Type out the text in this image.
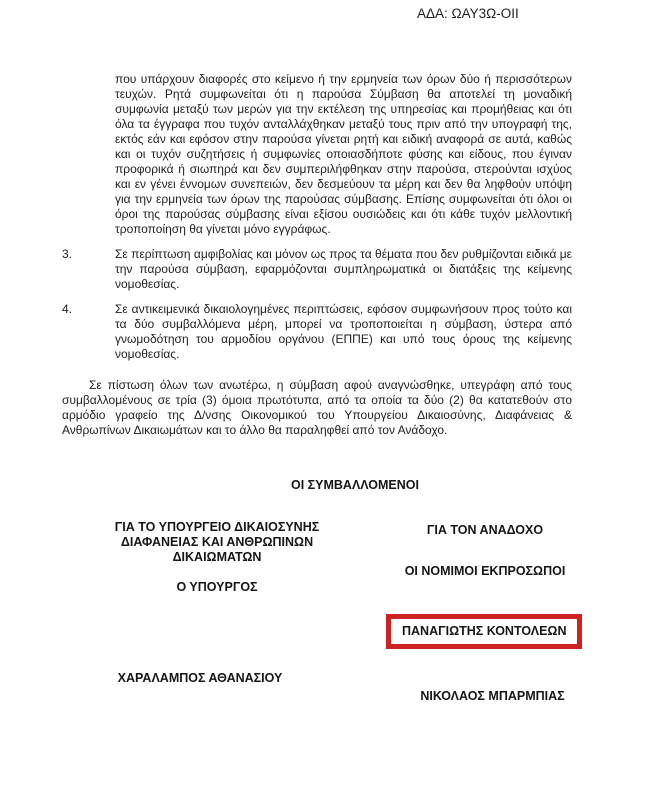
ΑΔΑ: ΩΑΥ3Ω-ΟΙΙ

που υπάρχουν διαφορές στο κείμενο ή την ερμηνεία των όρων δύο ή περισσότερων τευχών. Ρητά συμφωνείται ότι η παρούσα Σύμβαση θα αποτελεί τη μοναδική συμφωνία μεταξύ των μερών για την εκτέλεση της υπηρεσίας και προμήθειας και ότι όλα τα έγγραφα που τυχόν ανταλλάχθηκαν μεταξύ τους πριν από την υπογραφή της, εκτός εάν και εφόσον στην παρούσα γίνεται ρητή και ειδική αναφορά σε αυτά, καθώς και οι τυχόν συζητήσεις ή συμφωνίες οποιασδήποτε φύσης και είδους, που έγιναν προφορικά ή σιωπηρά και δεν συμπεριλήφθηκαν στην παρούσα, στερούνται ισχύος και εν γένει έννομων συνεπειών, δεν δεσμεύουν τα μέρη και δεν θα ληφθούν υπόψη για την ερμηνεία των όρων της παρούσας σύμβασης. Επίσης συμφωνείται ότι όλοι οι όροι της παρούσας σύμβασης είναι εξίσου ουσιώδεις και ότι κάθε τυχόν μελλοντική τροποποίηση θα γίνεται μόνο εγγράφως.

3.	Σε περίπτωση αμφιβολίας και μόνον ως προς τα θέματα που δεν ρυθμίζονται ειδικά με την παρούσα σύμβαση, εφαρμόζονται συμπληρωματικά οι διατάξεις της κείμενης νομοθεσίας.
4.	Σε αντικειμενικά δικαιολογημένες περιπτώσεις, εφόσον συμφωνήσουν προς τούτο και τα δύο συμβαλλόμενα μέρη, μπορεί να τροποποιείται η σύμβαση, ύστερα από γνωμοδότηση του αρμοδίου οργάνου (ΕΠΠΕ) και υπό τους όρους της κείμενης νομοθεσίας.

Σε πίστωση όλων των ανωτέρω, η σύμβαση αφού αναγνώσθηκε, υπεγράφη από τους συμβαλλομένους σε τρία (3) όμοια πρωτότυπα, από τα οποία τα δύο (2) θα κατατεθούν στο αρμόδιο γραφείο της Δ/νσης Οικονομικού του Υπουργείου Δικαιοσύνης, Διαφάνειας & Ανθρωπίνων Δικαιωμάτων και το άλλο θα παραληφθεί από τον Ανάδοχο.

ΟΙ ΣΥΜΒΑΛΛΟΜΕΝΟΙ
ΓΙΑ ΤΟ ΥΠΟΥΡΓΕΙΟ ΔΙΚΑΙΟΣΥΝΗΣ ΔΙΑΦΑΝΕΙΑΣ ΚΑΙ ΑΝΘΡΩΠΙΝΩΝ ΔΙΚΑΙΩΜΑΤΩΝ
Ο ΥΠΟΥΡΓΟΣ
ΧΑΡΑΛΑΜΠΟΣ ΑΘΑΝΑΣΙΟΥ
ΓΙΑ ΤΟΝ ΑΝΑΔΟΧΟ
ΟΙ ΝΟΜΙΜΟΙ ΕΚΠΡΟΣΩΠΟΙ
ΠΑΝΑΓΙΩΤΗΣ ΚΟΝΤΟΛΕΩΝ
ΝΙΚΟΛΑΟΣ ΜΠΑΡΜΠΙΑΣ
